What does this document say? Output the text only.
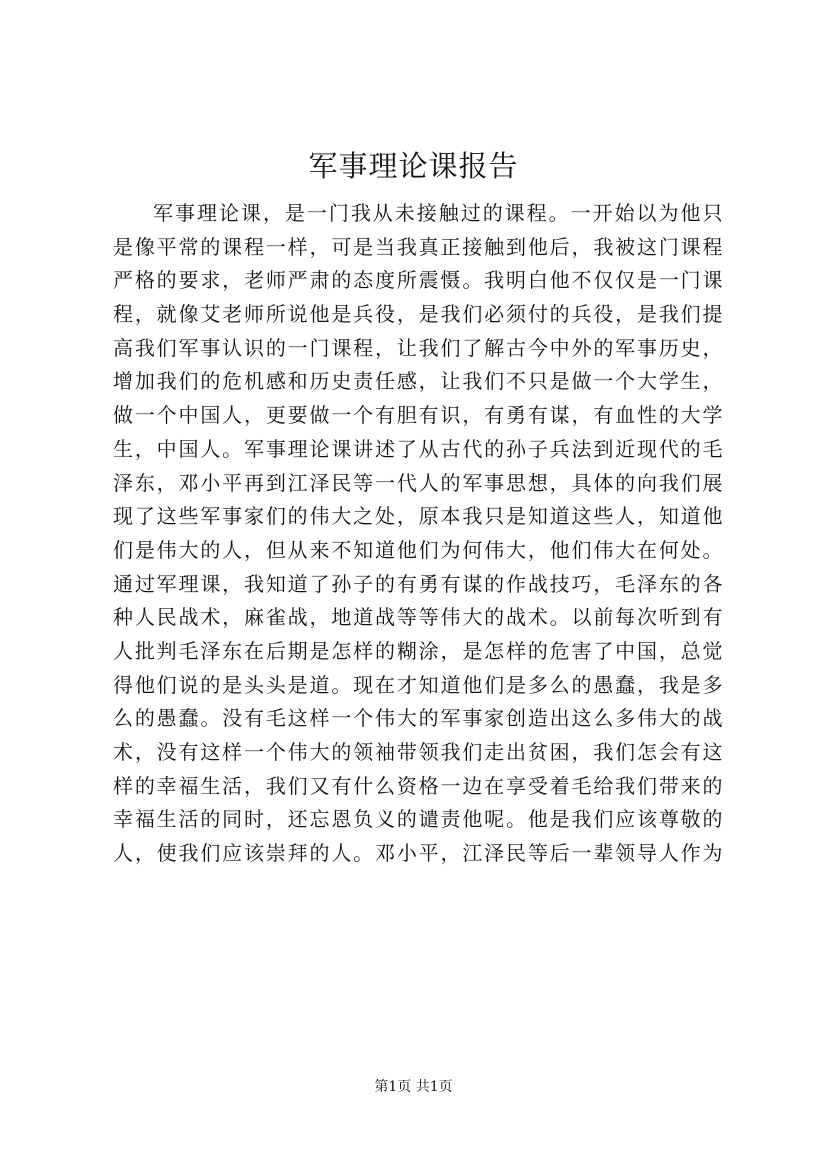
军事理论课报告
军事理论课，是一门我从未接触过的课程。一开始以为他只
是像平常的课程一样，可是当我真正接触到他后，我被这门课程
严格的要求，老师严肃的态度所震慑。我明白他不仅仅是一门课
程，就像艾老师所说他是兵役，是我们必须付的兵役，是我们提
高我们军事认识的一门课程，让我们了解古今中外的军事历史，
增加我们的危机感和历史责任感，让我们不只是做一个大学生，
做一个中国人，更要做一个有胆有识，有勇有谋，有血性的大学
生，中国人。军事理论课讲述了从古代的孙子兵法到近现代的毛
泽东，邓小平再到江泽民等一代人的军事思想，具体的向我们展
现了这些军事家们的伟大之处，原本我只是知道这些人，知道他
们是伟大的人，但从来不知道他们为何伟大，他们伟大在何处。
通过军理课，我知道了孙子的有勇有谋的作战技巧，毛泽东的各
种人民战术，麻雀战，地道战等等伟大的战术。以前每次听到有
人批判毛泽东在后期是怎样的糊涂，是怎样的危害了中国，总觉
得他们说的是头头是道。现在才知道他们是多么的愚蠢，我是多
么的愚蠢。没有毛这样一个伟大的军事家创造出这么多伟大的战
术，没有这样一个伟大的领袖带领我们走出贫困，我们怎会有这
样的幸福生活，我们又有什么资格一边在享受着毛给我们带来的
幸福生活的同时，还忘恩负义的谴责他呢。他是我们应该尊敬的
人，使我们应该崇拜的人。邓小平，江泽民等后一辈领导人作为
第1页 共1页
